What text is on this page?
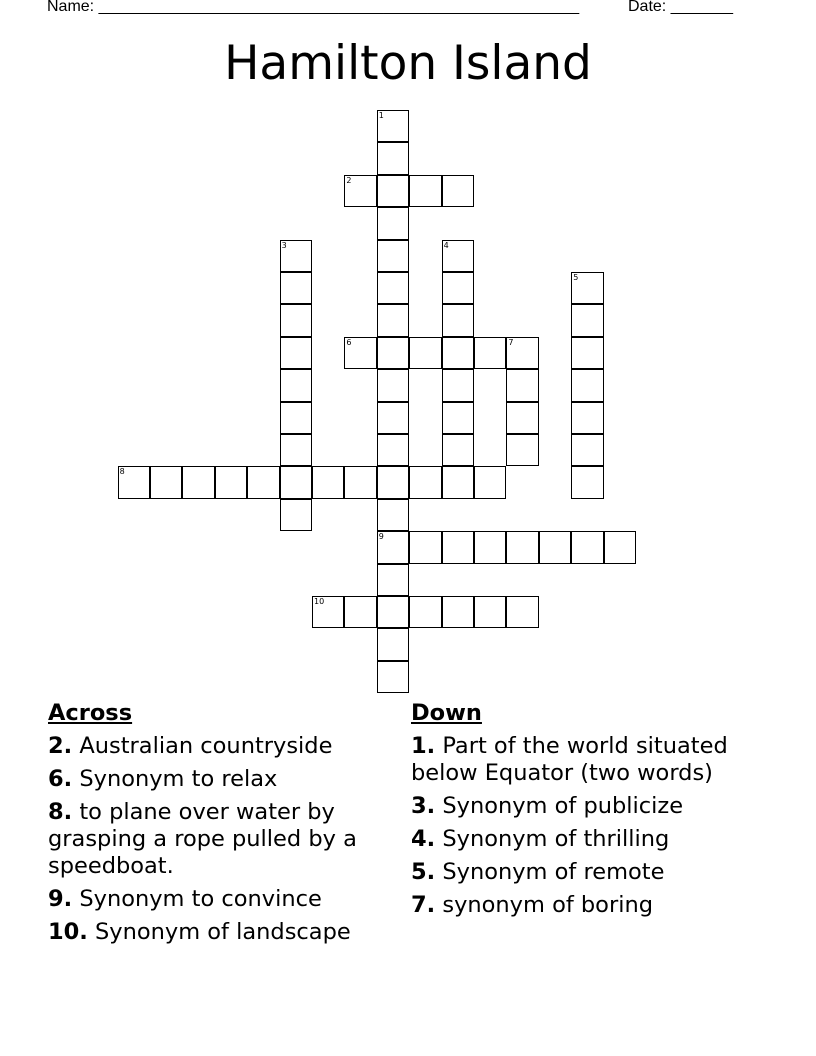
Name: ______________________________________________________	Date: _______
Hamilton Island
1
9
2
3	4
5
6	7
8
10
Across
2. Australian countryside
6. Synonym to relax
8. to plane over water by grasping a rope pulled by a speedboat.
9. Synonym to convince
10. Synonym of landscape
Down
1. Part of the world situated below Equator (two words)
3. Synonym of publicize
4. Synonym of thrilling
5. Synonym of remote
7. synonym of boring
